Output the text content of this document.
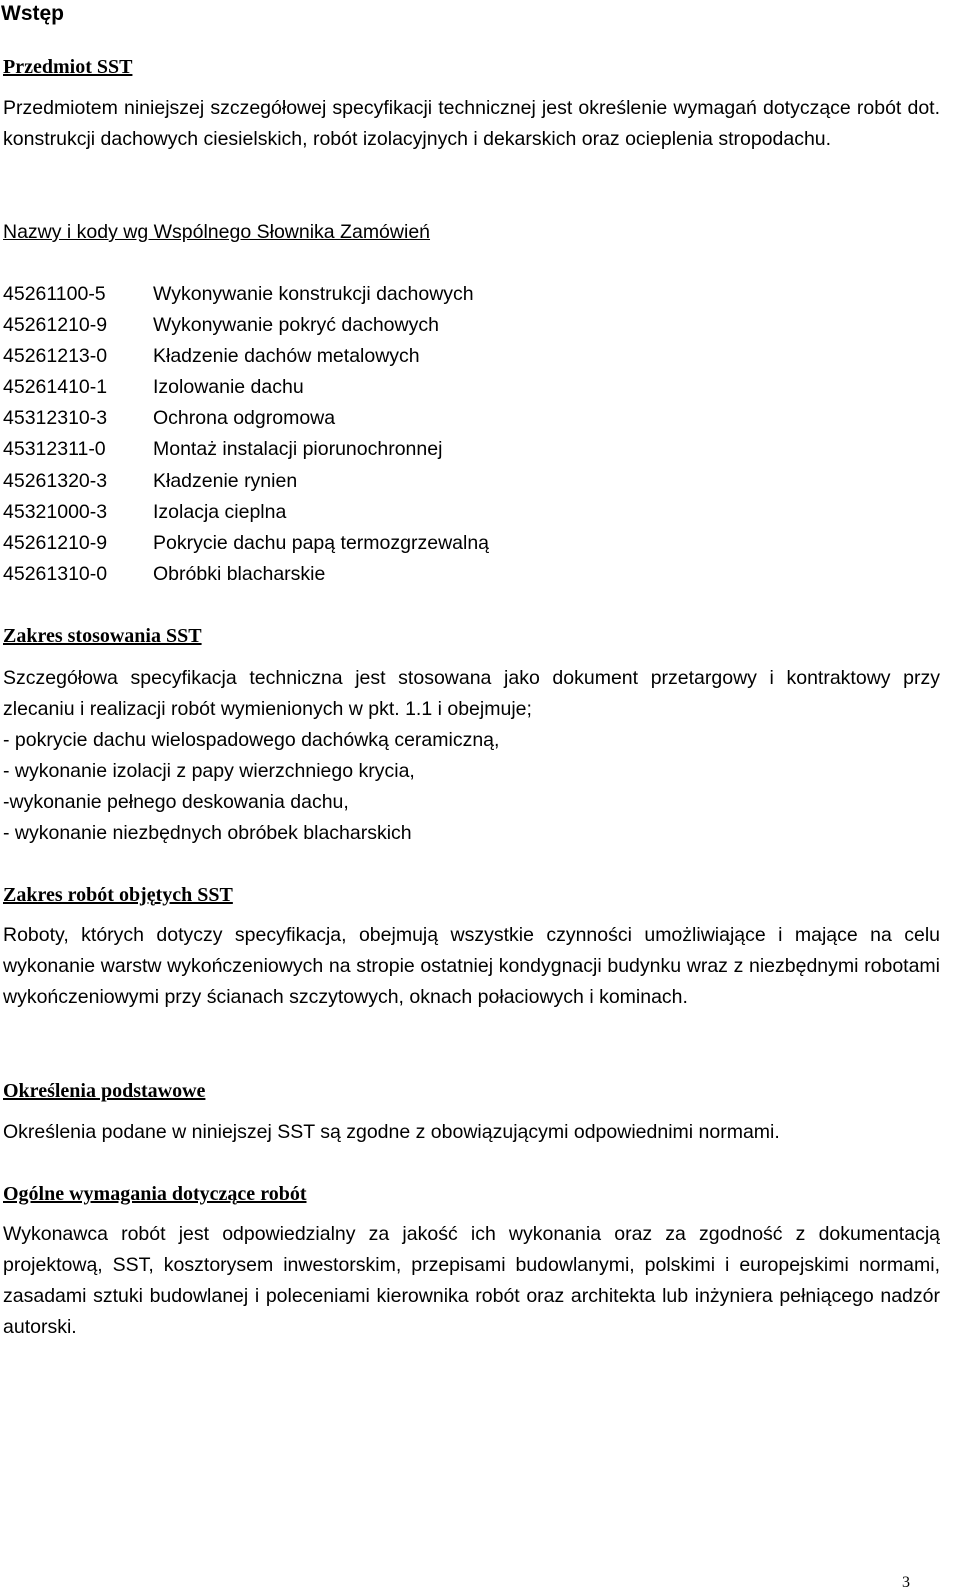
Wstęp
Przedmiot SST

Przedmiotem niniejszej szczegółowej specyfikacji technicznej jest określenie wymagań dotyczące robót dot. konstrukcji dachowych ciesielskich, robót izolacyjnych i dekarskich oraz ocieplenia stropodachu.

Nazwy i kody wg Wspólnego Słownika Zamówień
45261100-5	Wykonywanie konstrukcji dachowych
45261210-9	Wykonywanie pokryć dachowych
45261213-0	Kładzenie dachów metalowych
45261410-1	Izolowanie dachu
45312310-3	Ochrona odgromowa
45312311-0	Montaż instalacji piorunochronnej
45261320-3	Kładzenie rynien
45321000-3	Izolacja cieplna
45261210-9	Pokrycie dachu papą termozgrzewalną
45261310-0	Obróbki blacharskie
Zakres stosowania SST

Szczegółowa specyfikacja techniczna jest stosowana jako dokument przetargowy i kontraktowy przy zlecaniu i realizacji robót wymienionych w pkt. 1.1 i obejmuje;

- pokrycie dachu wielospadowego dachówką ceramiczną,
- wykonanie izolacji z papy wierzchniego krycia,
-wykonanie pełnego deskowania dachu,
- wykonanie niezbędnych obróbek blacharskich
Zakres robót objętych SST

Roboty, których dotyczy specyfikacja, obejmują wszystkie czynności umożliwiające i mające na celu wykonanie warstw wykończeniowych na stropie ostatniej kondygnacji budynku wraz z niezbędnymi robotami wykończeniowymi przy ścianach szczytowych, oknach połaciowych i kominach.

Określenia podstawowe

Określenia podane w niniejszej SST są zgodne z obowiązującymi odpowiednimi normami.

Ogólne wymagania dotyczące robót

Wykonawca robót jest odpowiedzialny za jakość ich wykonania oraz za zgodność z dokumentacją projektową, SST, kosztorysem inwestorskim, przepisami budowlanymi, polskimi i europejskimi normami, zasadami sztuki budowlanej i poleceniami kierownika robót oraz architekta lub inżyniera pełniącego nadzór autorski.

3
